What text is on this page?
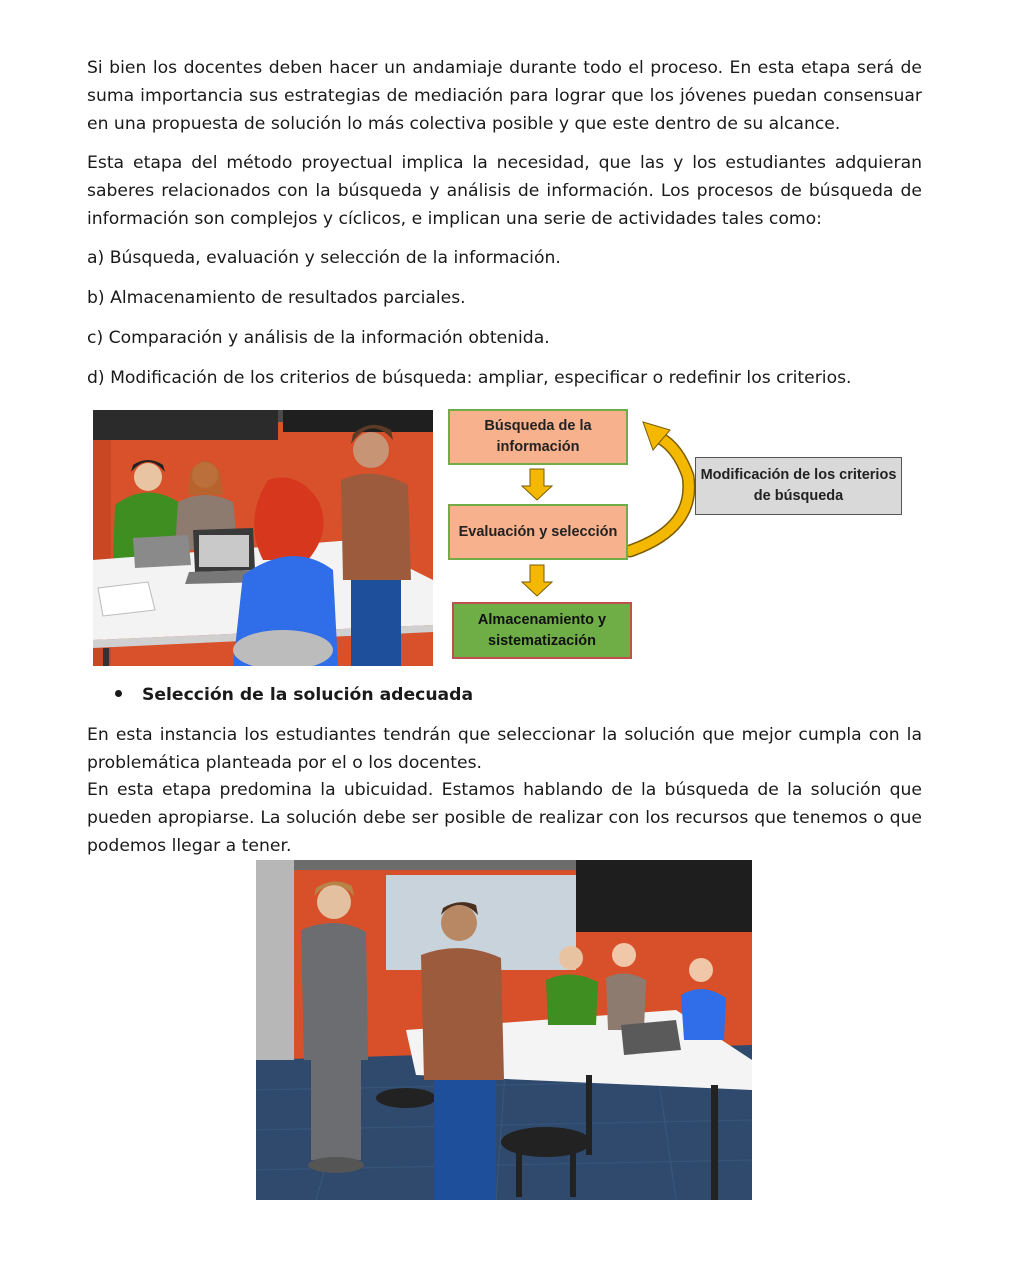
Si bien los docentes deben hacer un andamiaje durante todo el proceso. En esta etapa será de suma importancia sus estrategias de mediación para lograr que los jóvenes puedan consensuar en una propuesta de solución lo más colectiva posible y que este dentro de su alcance.

Esta etapa del método proyectual implica la necesidad, que las y los estudiantes adquieran saberes relacionados con la búsqueda y análisis de información. Los procesos de búsqueda de información son complejos y cíclicos, e implican una serie de actividades tales como:

a) Búsqueda, evaluación y selección de la información.

b) Almacenamiento de resultados parciales.

c) Comparación y análisis de la información obtenida.

d) Modificación de los criterios de búsqueda: ampliar, especificar o redefinir los criterios.

Selección de la solución adecuada

En esta instancia los estudiantes tendrán que seleccionar la solución que mejor cumpla con la problemática planteada por el o los docentes.

En esta etapa predomina la ubicuidad. Estamos hablando de la búsqueda de la solución que pueden apropiarse. La solución debe ser posible de realizar con los recursos que tenemos o que podemos llegar a tener.

Búsqueda de la información
Evaluación y selección
Almacenamiento y sistematización
Modificación de los criterios de búsqueda
